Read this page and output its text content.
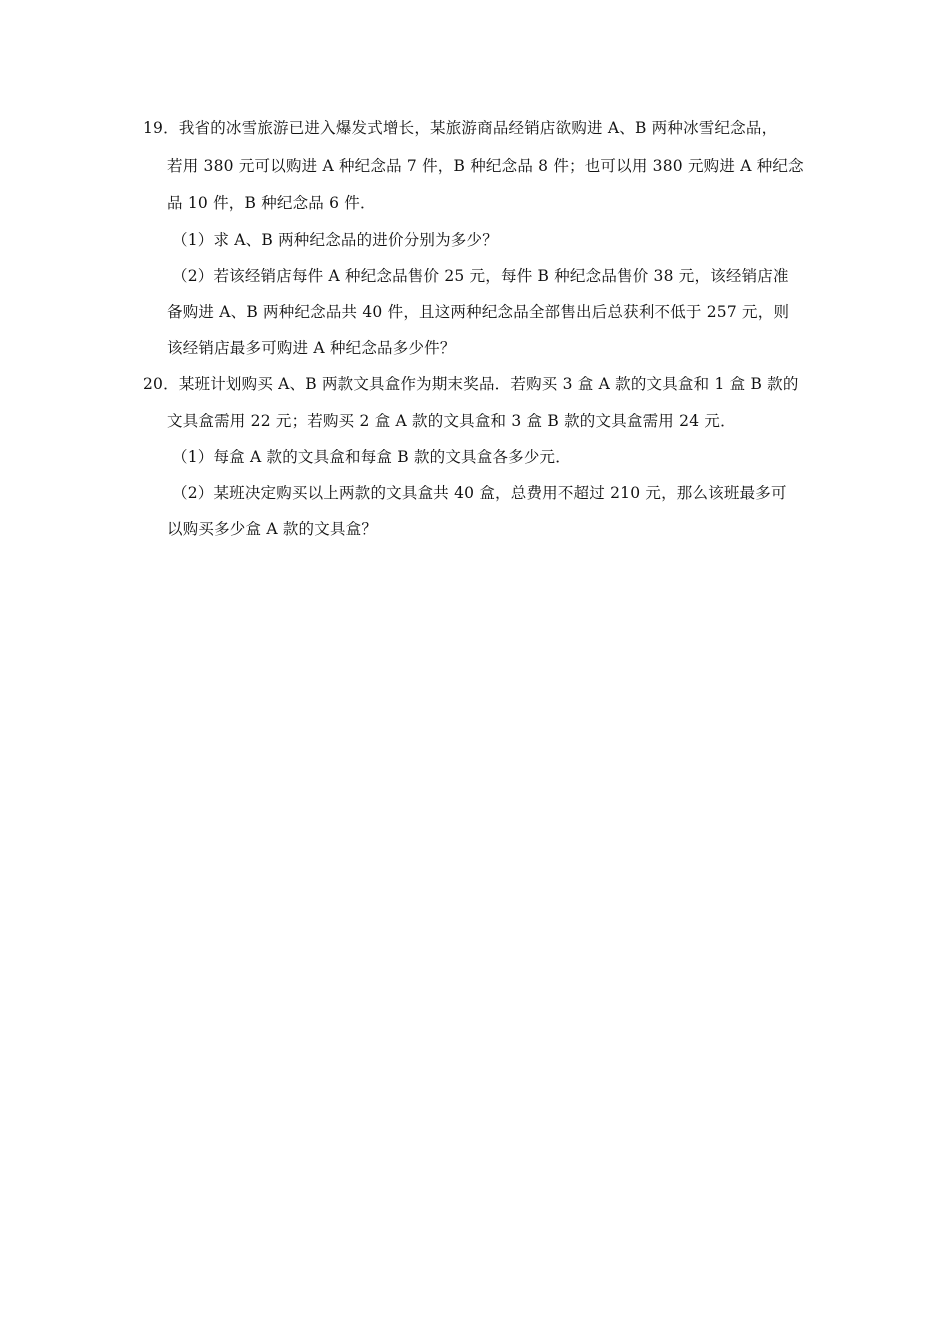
19．我省的冰雪旅游已进入爆发式增长，某旅游商品经销店欲购进 A、B 两种冰雪纪念品，
若用 380 元可以购进 A 种纪念品 7 件，B 种纪念品 8 件；也可以用 380 元购进 A 种纪念
品 10 件，B 种纪念品 6 件．
（1）求 A、B 两种纪念品的进价分别为多少？
（2）若该经销店每件 A 种纪念品售价 25 元，每件 B 种纪念品售价 38 元，该经销店准
备购进 A、B 两种纪念品共 40 件，且这两种纪念品全部售出后总获利不低于 257 元，则
该经销店最多可购进 A 种纪念品多少件？
20．某班计划购买 A、B 两款文具盒作为期末奖品．若购买 3 盒 A 款的文具盒和 1 盒 B 款的
文具盒需用 22 元；若购买 2 盒 A 款的文具盒和 3 盒 B 款的文具盒需用 24 元．
（1）每盒 A 款的文具盒和每盒 B 款的文具盒各多少元．
（2）某班决定购买以上两款的文具盒共 40 盒，总费用不超过 210 元，那么该班最多可
以购买多少盒 A 款的文具盒？
